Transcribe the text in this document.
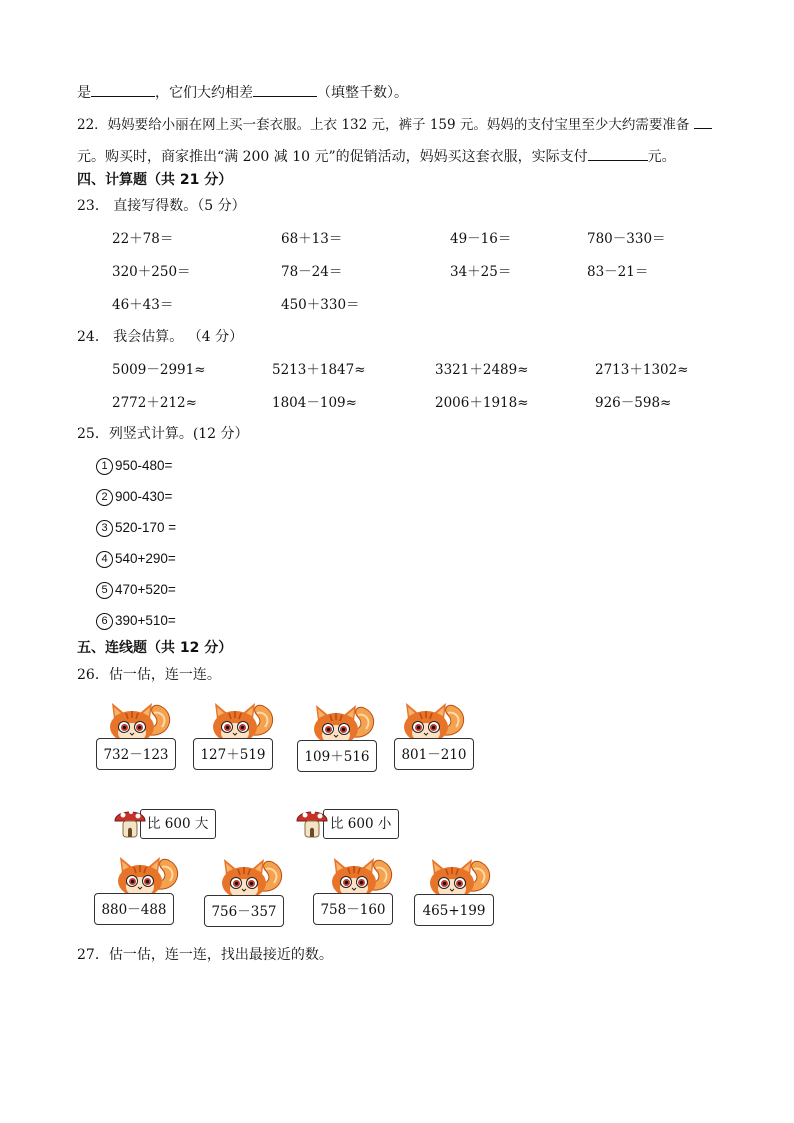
是	，它们大约相差	（填整千数）。
22．妈妈要给小丽在网上买一套衣服。上衣 132 元，裤子 159 元。妈妈的支付宝里至少大约需要准备
元。购买时，商家推出“满 200 减 10 元”的促销活动，妈妈买这套衣服，实际支付	元。
四、计算题（共 21 分）
23． 直接写得数。（5 分）
22＋78＝	68＋13＝	49－16＝	780－330＝
320＋250＝	78－24＝	34＋25＝	83－21＝
46＋43＝	450＋330＝
24． 我会估算。 （4 分）
5009－2991≈	5213＋1847≈	3321＋2489≈	2713＋1302≈
2772＋212≈	1804－109≈	2006＋1918≈	926－598≈
25．列竖式计算。(12 分）
1 950-480=
2 900-430=
3 520-170 =
4 540+290=
5 470+520=
6 390+510=
五、连线题（共 12 分）
26．估一估，连一连。
732－123	127＋519	109＋516	801－210
比 600 大	比 600 小
880－488	756－357	758－160	465+199
27．估一估，连一连，找出最接近的数。
